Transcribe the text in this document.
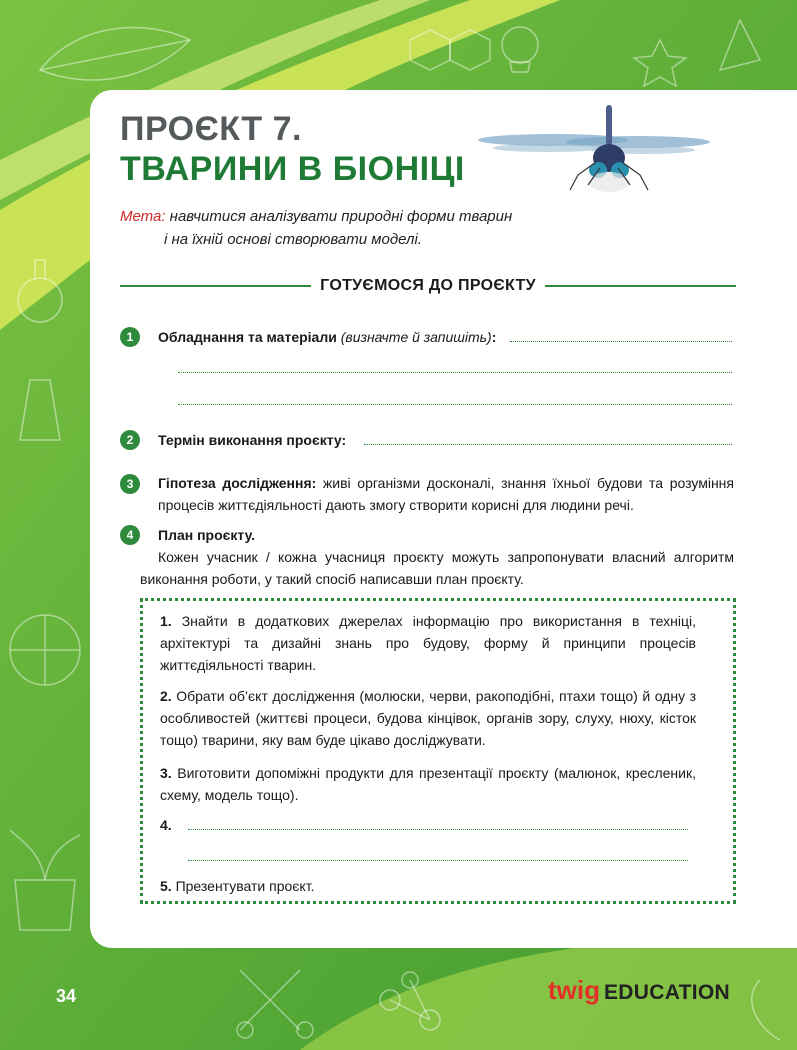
ПРОЄКТ 7.
ТВАРИНИ В БІОНІЦІ
Мета: навчитися аналізувати природні форми тварин
і на їхній основі створювати моделі.
ГОТУЄМОСЯ ДО ПРОЄКТУ
1	Обладнання та матеріали (визначте й запишіть):
2	Термін виконання проєкту:
3	Гіпотеза дослідження: живі організми досконалі, знання їхньої будови та розуміння процесів життєдіяльності дають змогу створити корисні для людини речі.
4	План проєкту.
Кожен учасник / кожна учасниця проєкту можуть запропонувати власний алгоритм виконання роботи, у такий спосіб написавши план проєкту.
1. Знайти в додаткових джерелах інформацію про використання в техніці, архітектурі та дизайні знань про будову, форму й принципи процесів життєдіяльності тварин.
2. Обрати об’єкт дослідження (молюски, черви, ракоподібні, птахи тощо) й одну з особливостей (життєві процеси, будова кінцівок, органів зору, слуху, нюху, кісток тощо) тварини, яку вам буде цікаво досліджувати.
3. Виготовити допоміжні продукти для презентації проєкту (малюнок, кресленик, схему, модель тощо).
4.
5. Презентувати проєкт.
34	twig EDUCATION
